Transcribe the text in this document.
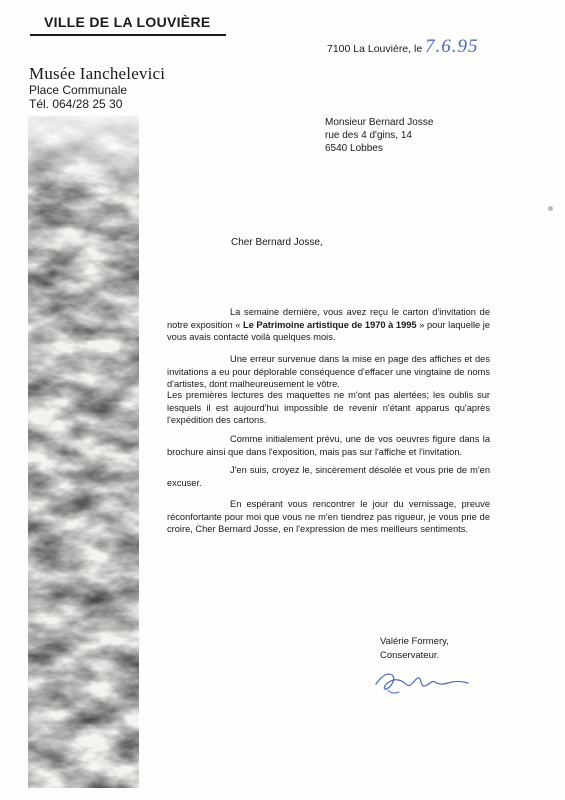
VILLE DE LA LOUVIÈRE
Musée Ianchelevici
Place Communale
Tél. 064/28 25 30
7100 La Louvière, le 7.6.95
Monsieur Bernard Josse
rue des 4 d'gins, 14
6540 Lobbes
Cher Bernard Josse,
La semaine dernière, vous avez reçu le carton d'invitation de notre exposition « Le Patrimoine artistique de 1970 à 1995 » pour laquelle je vous avais contacté voilà quelques mois.
Une erreur survenue dans la mise en page des affiches et des invitations a eu pour déplorable conséquence d'effacer une vingtaine de noms d'artistes, dont malheureusement le vôtre.
Les premières lectures des maquettes ne m'ont pas alertées; les oublis sur lesquels il est aujourd'hui impossible de revenir n'étant apparus qu'après l'expédition des cartons.
Comme initialement prévu, une de vos oeuvres figure dans la brochure ainsi que dans l'exposition, mais pas sur l'affiche et l'invitation.
J'en suis, croyez le, sincèrement désolée et vous prie de m'en excuser.
En espérant vous rencontrer le jour du vernissage, preuve réconfortante pour moi que vous ne m'en tiendrez pas rigueur, je vous prie de croire, Cher Bernard Josse, en l'expression de mes meilleurs sentiments.
Valérie Formery,
Conservateur.
